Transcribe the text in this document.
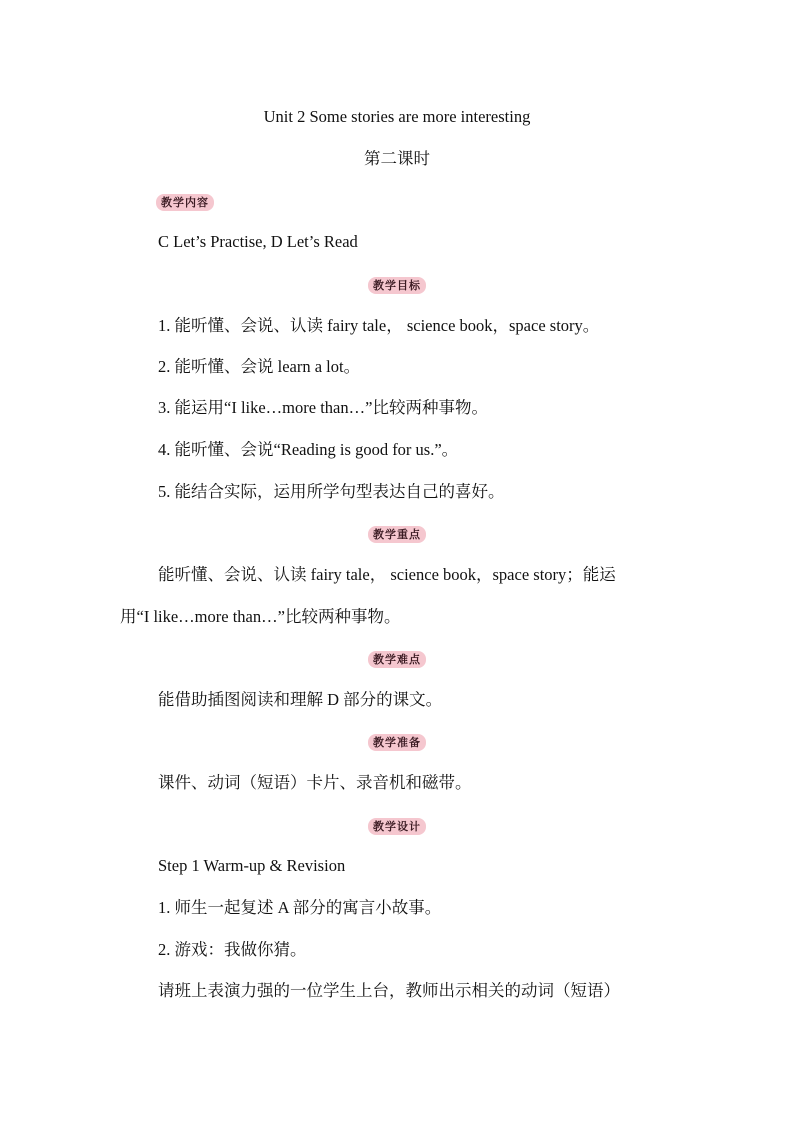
Unit 2 Some stories are more interesting
第二课时
教学内容
C Let’s Practise, D Let’s Read
教学目标
1. 能听懂、会说、认读 fairy tale， science book，space story。
2. 能听懂、会说 learn a lot。
3. 能运用“I like…more than…”比较两种事物。
4. 能听懂、会说“Reading is good for us.”。
5. 能结合实际，运用所学句型表达自己的喜好。
教学重点
能听懂、会说、认读 fairy tale， science book，space story；能运
用“I like…more than…”比较两种事物。
教学难点
能借助插图阅读和理解 D 部分的课文。
教学准备
课件、动词（短语）卡片、录音机和磁带。
教学设计
Step 1 Warm-up & Revision
1. 师生一起复述 A 部分的寓言小故事。
2. 游戏：我做你猜。
请班上表演力强的一位学生上台，教师出示相关的动词（短语）
